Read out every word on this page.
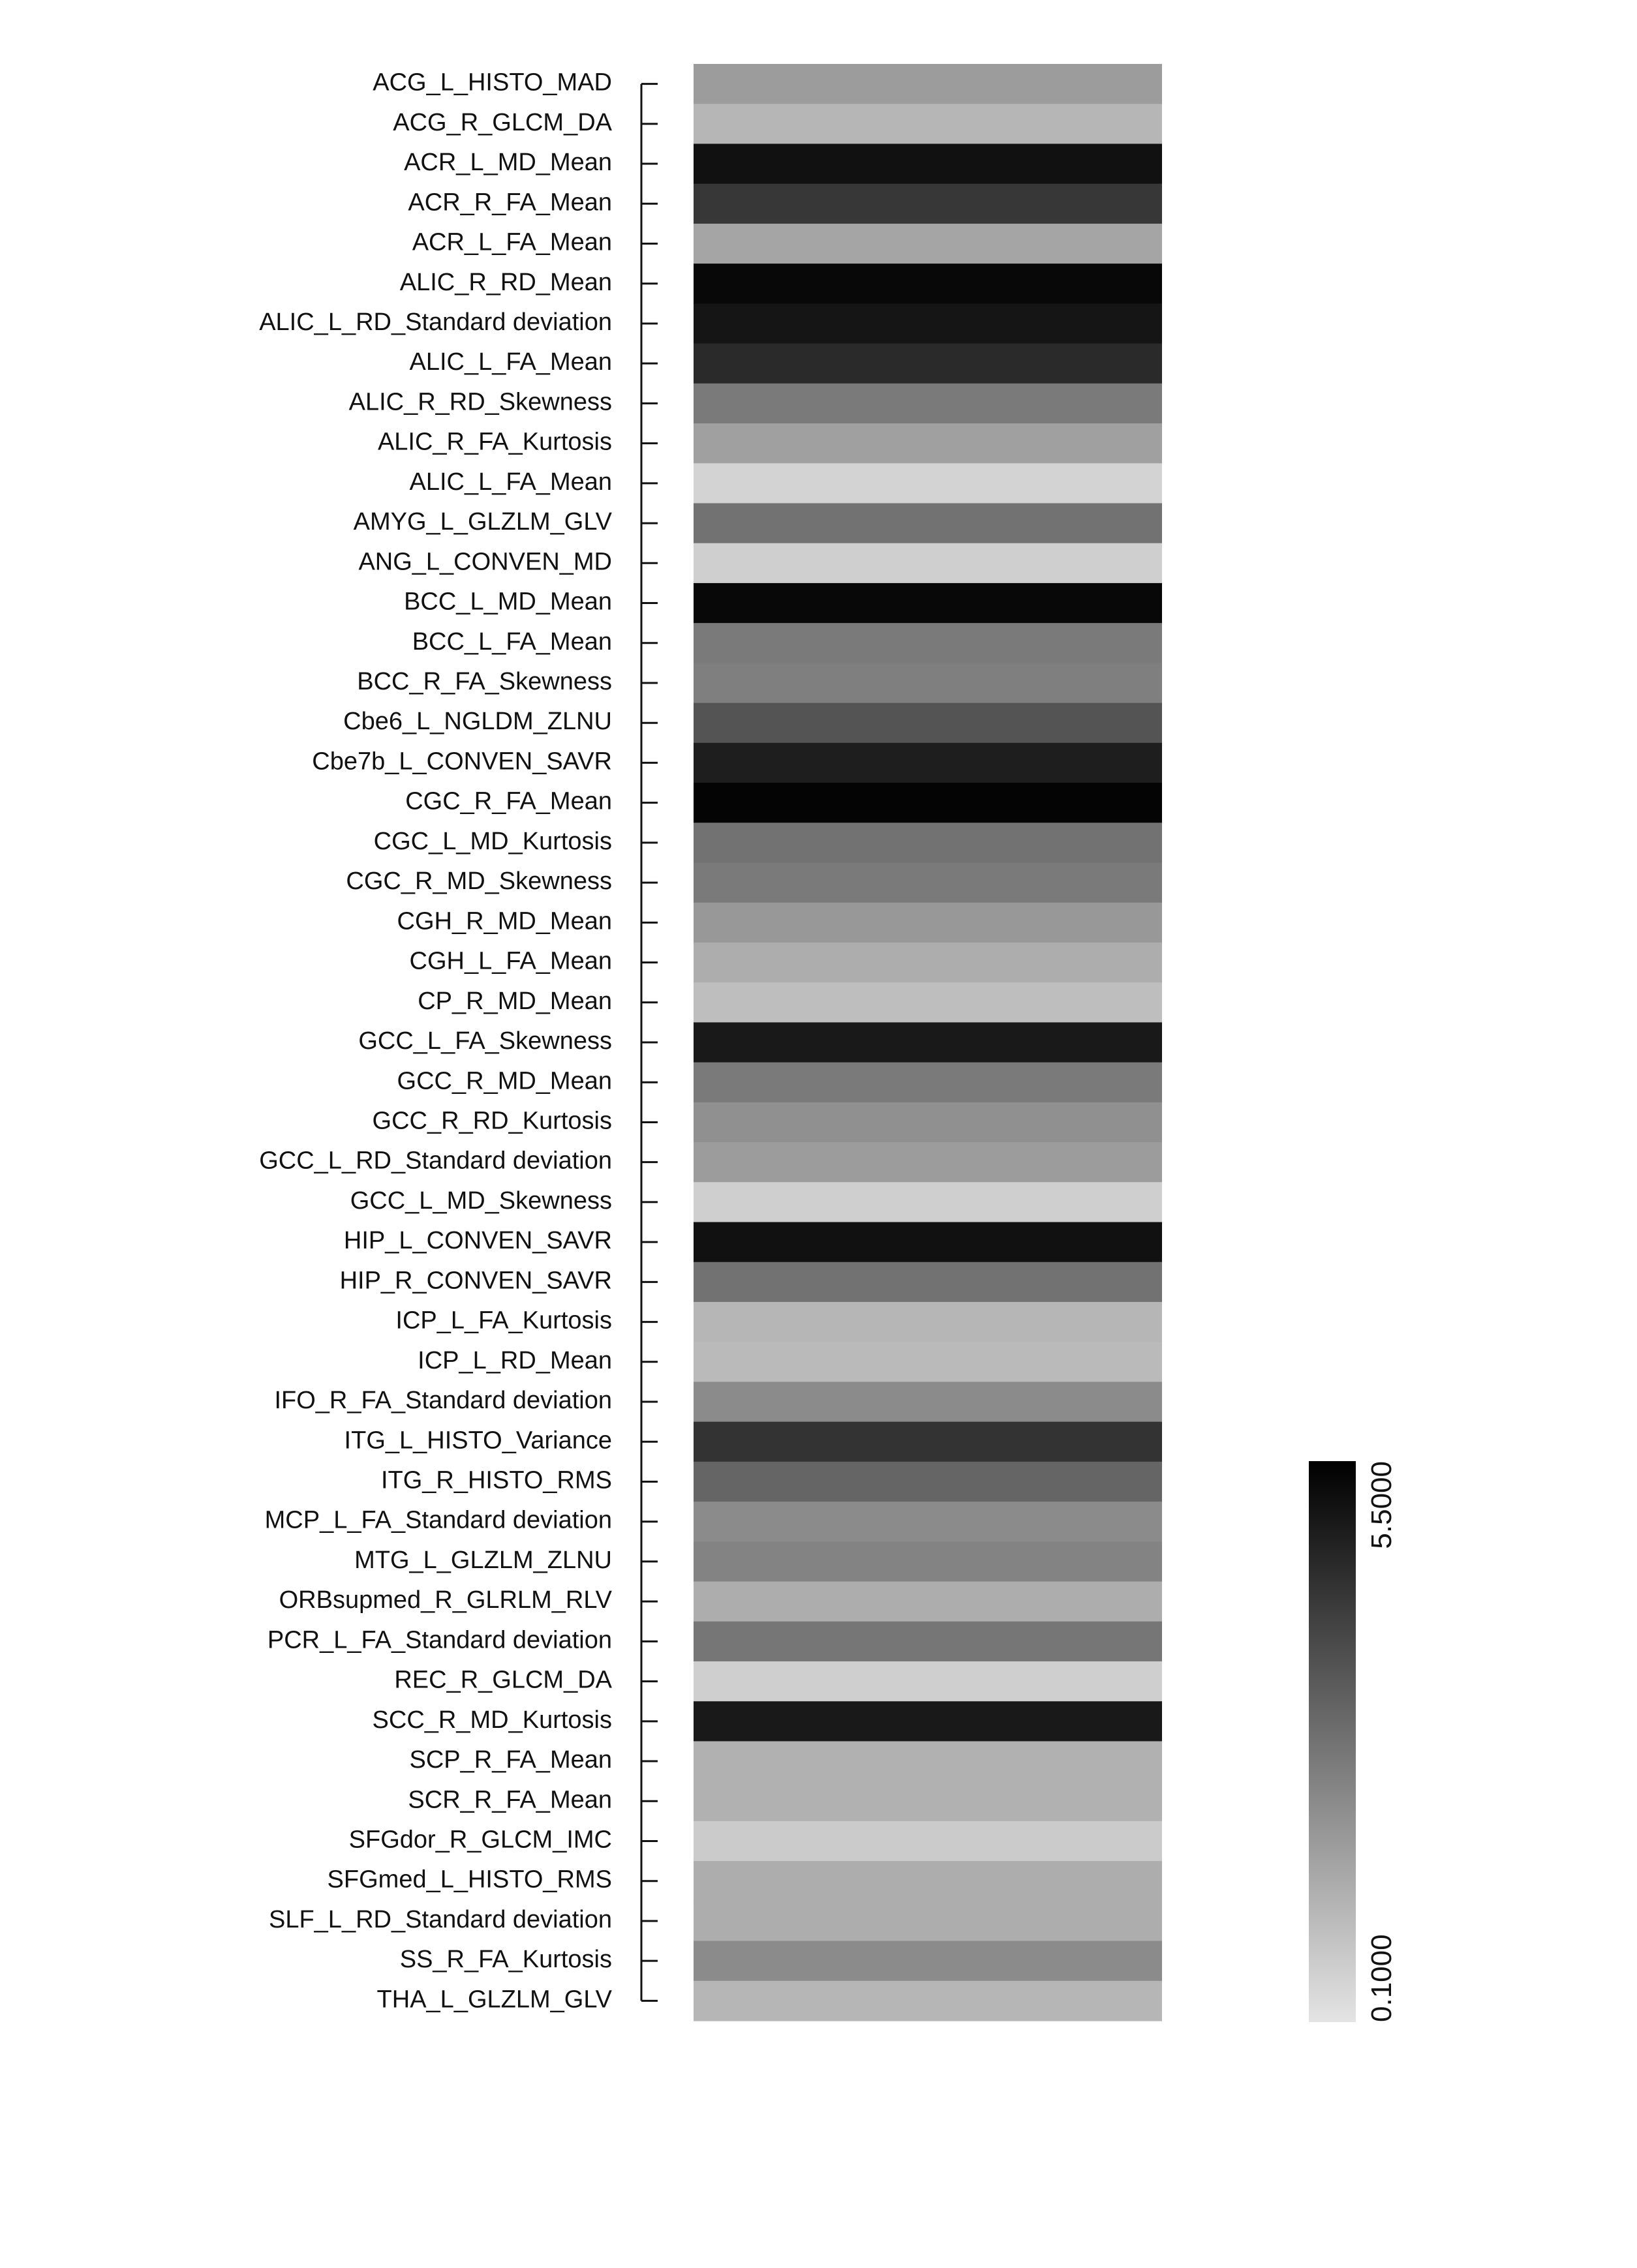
ACG_L_HISTO_MAD
ACG_R_GLCM_DA
ACR_L_MD_Mean
ACR_R_FA_Mean
ACR_L_FA_Mean
ALIC_R_RD_Mean
ALIC_L_RD_Standard deviation
ALIC_L_FA_Mean
ALIC_R_RD_Skewness
ALIC_R_FA_Kurtosis
ALIC_L_FA_Mean
AMYG_L_GLZLM_GLV
ANG_L_CONVEN_MD
BCC_L_MD_Mean
BCC_L_FA_Mean
BCC_R_FA_Skewness
Cbe6_L_NGLDM_ZLNU
Cbe7b_L_CONVEN_SAVR
CGC_R_FA_Mean
CGC_L_MD_Kurtosis
CGC_R_MD_Skewness
CGH_R_MD_Mean
CGH_L_FA_Mean
CP_R_MD_Mean
GCC_L_FA_Skewness
GCC_R_MD_Mean
GCC_R_RD_Kurtosis
GCC_L_RD_Standard deviation
GCC_L_MD_Skewness
HIP_L_CONVEN_SAVR
HIP_R_CONVEN_SAVR
ICP_L_FA_Kurtosis
ICP_L_RD_Mean
IFO_R_FA_Standard deviation
ITG_L_HISTO_Variance
ITG_R_HISTO_RMS
MCP_L_FA_Standard deviation
MTG_L_GLZLM_ZLNU
ORBsupmed_R_GLRLM_RLV
PCR_L_FA_Standard deviation
REC_R_GLCM_DA
SCC_R_MD_Kurtosis
SCP_R_FA_Mean
SCR_R_FA_Mean
SFGdor_R_GLCM_IMC
SFGmed_L_HISTO_RMS
SLF_L_RD_Standard deviation
SS_R_FA_Kurtosis
THA_L_GLZLM_GLV
5.5000
0.1000
